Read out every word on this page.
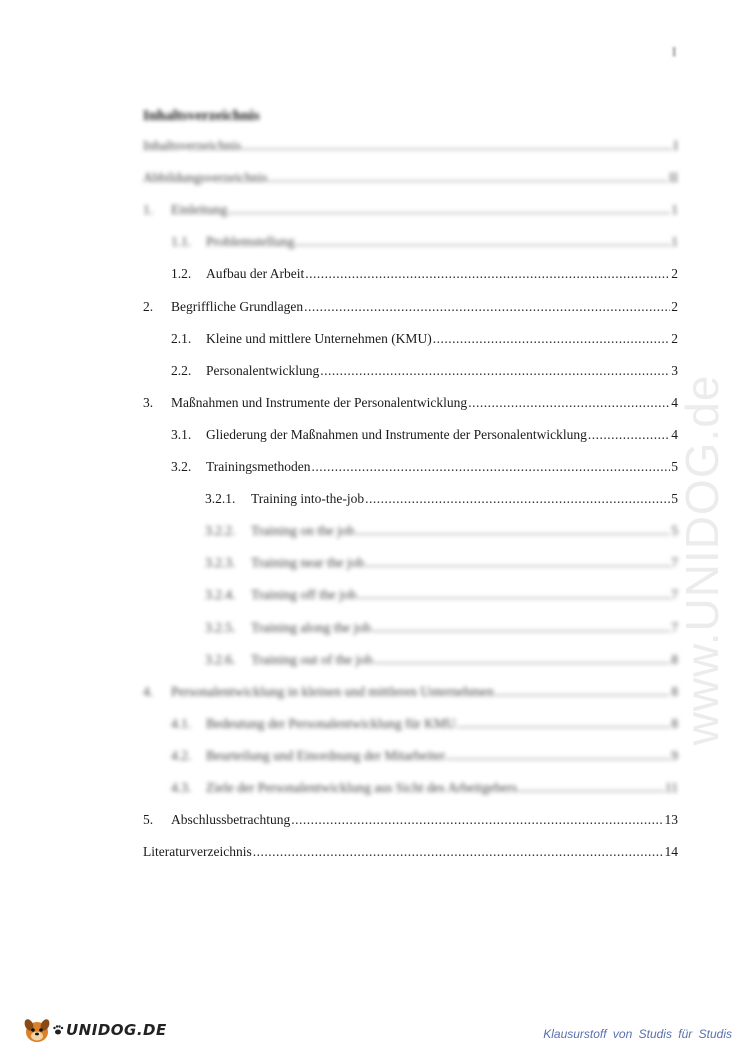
I
Inhaltsverzeichnis
Inhaltsverzeichnis .....	I
Abbildungsverzeichnis .....	II
1.	Einleitung .....	1
1.1.	Problemstellung .....	1
1.2.	Aufbau der Arbeit .....	2
2.	Begriffliche Grundlagen .....	2
2.1.	Kleine und mittlere Unternehmen (KMU) .....	2
2.2.	Personalentwicklung .....	3
3.	Maßnahmen und Instrumente der Personalentwicklung .....	4
3.1.	Gliederung der Maßnahmen und Instrumente der Personalentwicklung .....	4
3.2.	Trainingsmethoden .....	5
3.2.1.	Training into-the-job .....	5
3.2.2.	Training on the job .....	5
3.2.3.	Training near the job .....	7
3.2.4.	Training off the job .....	7
3.2.5.	Training along the job .....	7
3.2.6.	Training out of the job .....	8
4.	Personalentwicklung in kleinen und mittleren Unternehmen .....	8
4.1.	Bedeutung der Personalentwicklung für KMU .....	8
4.2.	Beurteilung und Einordnung der Mitarbeiter .....	9
4.3.	Ziele der Personalentwicklung aus Sicht des Arbeitgebers .....	11
5.	Abschlussbetrachtung .....	13
Literaturverzeichnis .....	14
www.UNIDOG.de
UNIDOG.DE	Klausurstoff von Studis für Studis
